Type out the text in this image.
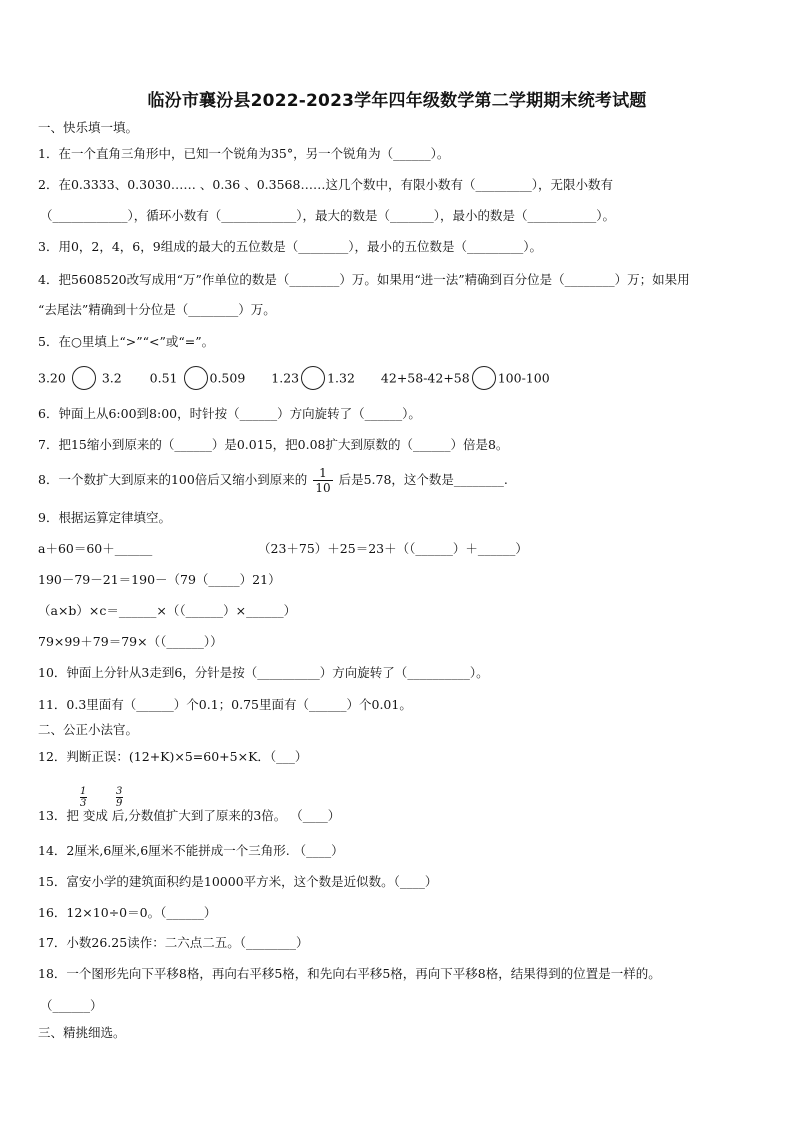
临汾市襄汾县2022-2023学年四年级数学第二学期期末统考试题
一、快乐填一填。
1．在一个直角三角形中，已知一个锐角为35°，另一个锐角为（______）。
2．在0.3333、0.3030…… 、0.36 、0.3568……这几个数中，有限小数有（_________），无限小数有
（____________），循环小数有（____________），最大的数是（_______），最小的数是（___________）。
3．用0，2，4，6，9组成的最大的五位数是（________），最小的五位数是（_________）。
4．把5608520改写成用“万”作单位的数是（________）万。如果用“进一法”精确到百分位是（________）万；如果用
“去尾法”精确到十分位是（________）万。
5．在○里填上“>”“<”或“=”。
3.20	3.2 0.51	0.509 1.23 1.32 42+58-42+58 100-100
6．钟面上从6:00到8:00，时针按（______）方向旋转了（______）。
7．把15缩小到原来的（______）是0.015，把0.08扩大到原数的（______）倍是8。
8．一个数扩大到原来的100倍后又缩小到原来的 $\frac{1}{10}$ 后是5.78，这个数是________.
9．根据运算定律填空。
a＋60＝60＋______	（23＋75）＋25＝23＋（（______）＋______）
190－79－21＝190－（79（_____）21）
（a×b）×c＝______×（（______）×______）
79×99＋79＝79×（（______））
10．钟面上分针从3走到6，分针是按（__________）方向旋转了（__________）。
11．0.3里面有（______）个0.1；0.75里面有（______）个0.01。
二、公正小法官。
12．判断正误：(12+K)×5=60+5×K．（___）
1
3
3
9
13．把 变成 后,分数值扩大到了原来的3倍。 （____）
14．2厘米,6厘米,6厘米不能拼成一个三角形. （____）
15．富安小学的建筑面积约是10000平方米，这个数是近似数。（____）
16．12×10÷0＝0。（______）
17．小数26.25读作：二六点二五。（________）
18．一个图形先向下平移8格，再向右平移5格，和先向右平移5格，再向下平移8格，结果得到的位置是一样的。
（______）
三、精挑细选。
